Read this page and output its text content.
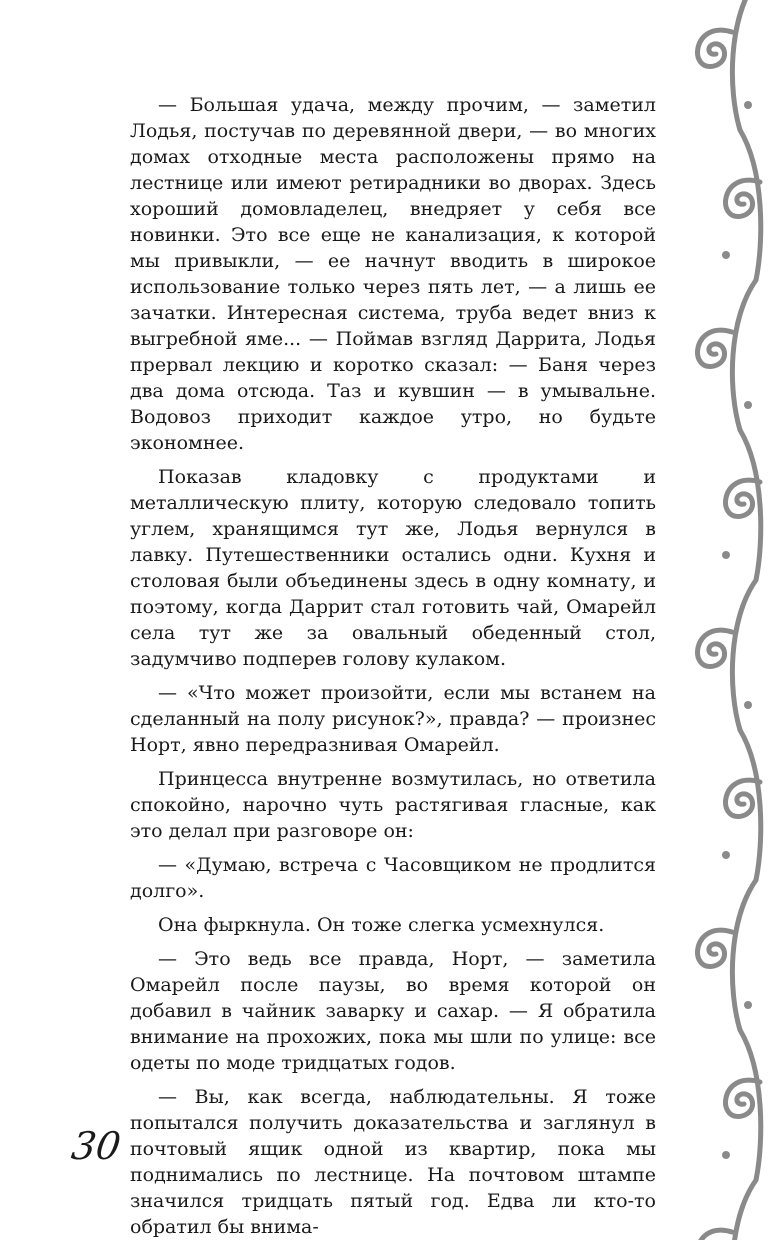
— Большая удача, между прочим, — заметил Лодья, постучав по деревянной двери, — во многих домах отходные места расположены прямо на лестнице или имеют ретирадники во дворах. Здесь хороший домовладелец, внедряет у себя все новинки. Это все еще не канализация, к которой мы привыкли, — ее начнут вводить в широкое использование только через пять лет, — а лишь ее зачатки. Интересная система, труба ведет вниз к выгребной яме... — Поймав взгляд Даррита, Лодья прервал лекцию и коротко сказал: — Баня через два дома отсюда. Таз и кувшин — в умывальне. Водовоз приходит каждое утро, но будьте экономнее.

Показав кладовку с продуктами и металлическую плиту, которую следовало топить углем, хранящимся тут же, Лодья вернулся в лавку. Путешественники остались одни. Кухня и столовая были объединены здесь в одну комнату, и поэтому, когда Даррит стал готовить чай, Омарейл села тут же за овальный обеденный стол, задумчиво подперев голову кулаком.

— «Что может произойти, если мы встанем на сделанный на полу рисунок?», правда? — произнес Норт, явно передразнивая Омарейл.

Принцесса внутренне возмутилась, но ответила спокойно, нарочно чуть растягивая гласные, как это делал при разговоре он:

— «Думаю, встреча с Часовщиком не продлится долго».

Она фыркнула. Он тоже слегка усмехнулся.

— Это ведь все правда, Норт, — заметила Омарейл после паузы, во время которой он добавил в чайник заварку и сахар. — Я обратила внимание на прохожих, пока мы шли по улице: все одеты по моде тридцатых годов.

— Вы, как всегда, наблюдательны. Я тоже попытался получить доказательства и заглянул в почтовый ящик одной из квартир, пока мы поднимались по лестнице. На почтовом штампе значился тридцать пятый год. Едва ли кто-то обратил бы внима-

30
